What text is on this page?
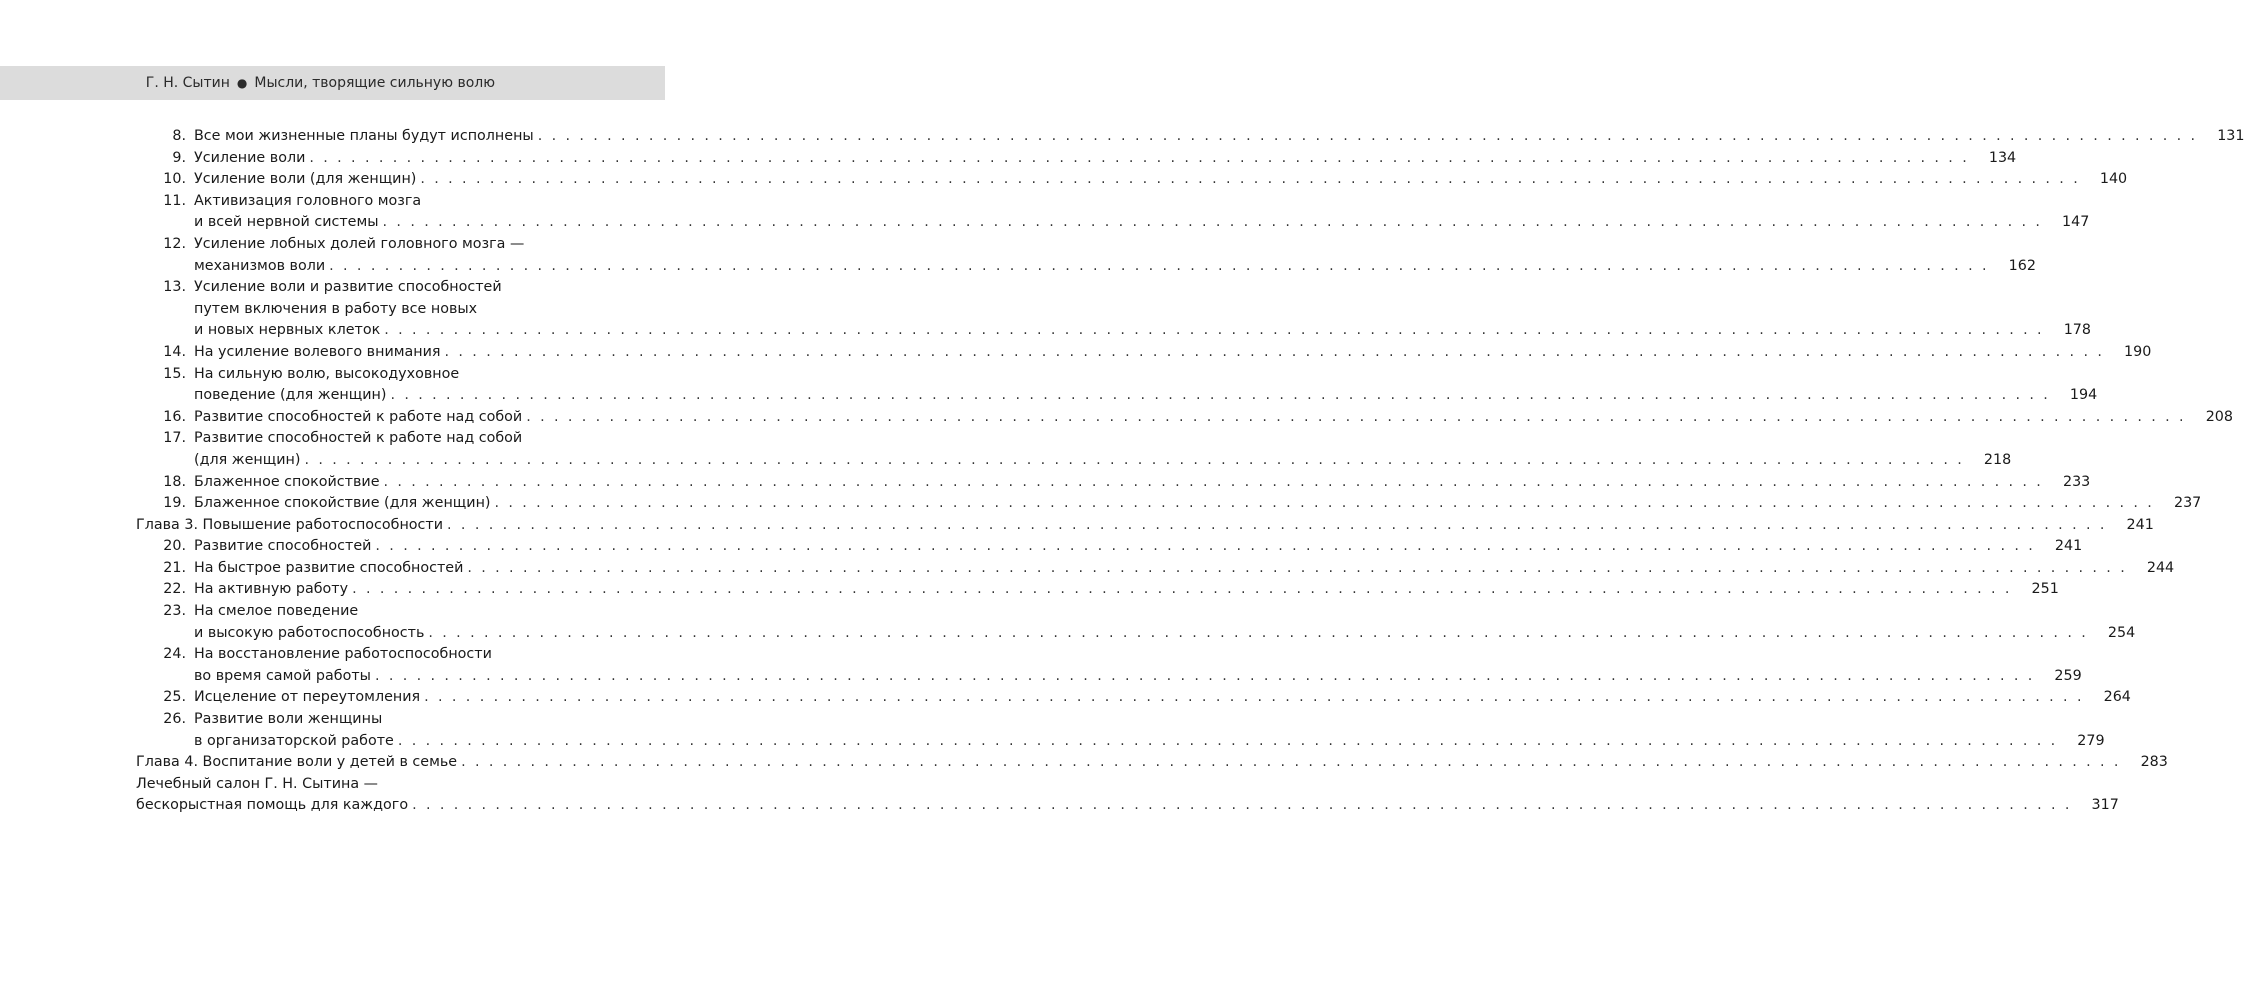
Г. Н. Сытин ● Мысли, творящие сильную волю
8. Все мои жизненные планы будут исполнены . . . . . . . . . . . . . . . . . . . . . . . . . . . . . . . . . . . . . . . . . . . . . . . . . . . . . . . . . . . . . . . . . . . . . . . . . . . . . . . . . . . . . . . . . . . . . . . . . . . . . . . . . . . . . . . . . . . . . . . .	131
9. Усиление воли . . . . . . . . . . . . . . . . . . . . . . . . . . . . . . . . . . . . . . . . . . . . . . . . . . . . . . . . . . . . . . . . . . . . . . . . . . . . . . . . . . . . . . . . . . . . . . . . . . . . . . . . . . . . . . . . . . . . . . . .	134
10. Усиление воли (для женщин) . . . . . . . . . . . . . . . . . . . . . . . . . . . . . . . . . . . . . . . . . . . . . . . . . . . . . . . . . . . . . . . . . . . . . . . . . . . . . . . . . . . . . . . . . . . . . . . . . . . . . . . . . . . . . . . . . . . . . . . .	140
11. Активизация головного мозга
и всей нервной системы . . . . . . . . . . . . . . . . . . . . . . . . . . . . . . . . . . . . . . . . . . . . . . . . . . . . . . . . . . . . . . . . . . . . . . . . . . . . . . . . . . . . . . . . . . . . . . . . . . . . . . . . . . . . . . . . . . . . . . . .	147
12. Усиление лобных долей головного мозга —
механизмов воли . . . . . . . . . . . . . . . . . . . . . . . . . . . . . . . . . . . . . . . . . . . . . . . . . . . . . . . . . . . . . . . . . . . . . . . . . . . . . . . . . . . . . . . . . . . . . . . . . . . . . . . . . . . . . . . . . . . . . . . .	162
13. Усиление воли и развитие способностей
путем включения в работу все новых
и новых нервных клеток . . . . . . . . . . . . . . . . . . . . . . . . . . . . . . . . . . . . . . . . . . . . . . . . . . . . . . . . . . . . . . . . . . . . . . . . . . . . . . . . . . . . . . . . . . . . . . . . . . . . . . . . . . . . . . . . . . . . . . . .	178
14. На усиление волевого внимания . . . . . . . . . . . . . . . . . . . . . . . . . . . . . . . . . . . . . . . . . . . . . . . . . . . . . . . . . . . . . . . . . . . . . . . . . . . . . . . . . . . . . . . . . . . . . . . . . . . . . . . . . . . . . . . . . . . . . . . .	190
15. На сильную волю, высокодуховное
поведение (для женщин) . . . . . . . . . . . . . . . . . . . . . . . . . . . . . . . . . . . . . . . . . . . . . . . . . . . . . . . . . . . . . . . . . . . . . . . . . . . . . . . . . . . . . . . . . . . . . . . . . . . . . . . . . . . . . . . . . . . . . . . .	194
16. Развитие способностей к работе над собой . . . . . . . . . . . . . . . . . . . . . . . . . . . . . . . . . . . . . . . . . . . . . . . . . . . . . . . . . . . . . . . . . . . . . . . . . . . . . . . . . . . . . . . . . . . . . . . . . . . . . . . . . . . . . . . . . . . . . . . .	208
17. Развитие способностей к работе над собой
(для женщин) . . . . . . . . . . . . . . . . . . . . . . . . . . . . . . . . . . . . . . . . . . . . . . . . . . . . . . . . . . . . . . . . . . . . . . . . . . . . . . . . . . . . . . . . . . . . . . . . . . . . . . . . . . . . . . . . . . . . . . . .	218
18. Блаженное спокойствие . . . . . . . . . . . . . . . . . . . . . . . . . . . . . . . . . . . . . . . . . . . . . . . . . . . . . . . . . . . . . . . . . . . . . . . . . . . . . . . . . . . . . . . . . . . . . . . . . . . . . . . . . . . . . . . . . . . . . . . .	233
19. Блаженное спокойствие (для женщин) . . . . . . . . . . . . . . . . . . . . . . . . . . . . . . . . . . . . . . . . . . . . . . . . . . . . . . . . . . . . . . . . . . . . . . . . . . . . . . . . . . . . . . . . . . . . . . . . . . . . . . . . . . . . . . . . . . . . . . . .	237
Глава 3. Повышение работоспособности . . . . . . . . . . . . . . . . . . . . . . . . . . . . . . . . . . . . . . . . . . . . . . . . . . . . . . . . . . . . . . . . . . . . . . . . . . . . . . . . . . . . . . . . . . . . . . . . . . . . . . . . . . . . . . . . . . . . . . . .	241
20. Развитие способностей . . . . . . . . . . . . . . . . . . . . . . . . . . . . . . . . . . . . . . . . . . . . . . . . . . . . . . . . . . . . . . . . . . . . . . . . . . . . . . . . . . . . . . . . . . . . . . . . . . . . . . . . . . . . . . . . . . . . . . . .	241
21. На быстрое развитие способностей . . . . . . . . . . . . . . . . . . . . . . . . . . . . . . . . . . . . . . . . . . . . . . . . . . . . . . . . . . . . . . . . . . . . . . . . . . . . . . . . . . . . . . . . . . . . . . . . . . . . . . . . . . . . . . . . . . . . . . . .	244
22. На активную работу . . . . . . . . . . . . . . . . . . . . . . . . . . . . . . . . . . . . . . . . . . . . . . . . . . . . . . . . . . . . . . . . . . . . . . . . . . . . . . . . . . . . . . . . . . . . . . . . . . . . . . . . . . . . . . . . . . . . . . . .	251
23. На смелое поведение
и высокую работоспособность . . . . . . . . . . . . . . . . . . . . . . . . . . . . . . . . . . . . . . . . . . . . . . . . . . . . . . . . . . . . . . . . . . . . . . . . . . . . . . . . . . . . . . . . . . . . . . . . . . . . . . . . . . . . . . . . . . . . . . . .	254
24. На восстановление работоспособности
во время самой работы . . . . . . . . . . . . . . . . . . . . . . . . . . . . . . . . . . . . . . . . . . . . . . . . . . . . . . . . . . . . . . . . . . . . . . . . . . . . . . . . . . . . . . . . . . . . . . . . . . . . . . . . . . . . . . . . . . . . . . . .	259
25. Исцеление от переутомления . . . . . . . . . . . . . . . . . . . . . . . . . . . . . . . . . . . . . . . . . . . . . . . . . . . . . . . . . . . . . . . . . . . . . . . . . . . . . . . . . . . . . . . . . . . . . . . . . . . . . . . . . . . . . . . . . . . . . . . .	264
26. Развитие воли женщины
в организаторской работе . . . . . . . . . . . . . . . . . . . . . . . . . . . . . . . . . . . . . . . . . . . . . . . . . . . . . . . . . . . . . . . . . . . . . . . . . . . . . . . . . . . . . . . . . . . . . . . . . . . . . . . . . . . . . . . . . . . . . . . .	279
Глава 4. Воспитание воли у детей в семье . . . . . . . . . . . . . . . . . . . . . . . . . . . . . . . . . . . . . . . . . . . . . . . . . . . . . . . . . . . . . . . . . . . . . . . . . . . . . . . . . . . . . . . . . . . . . . . . . . . . . . . . . . . . . . . . . . . . . . . .	283
Лечебный салон Г. Н. Сытина —
бескорыстная помощь для каждого . . . . . . . . . . . . . . . . . . . . . . . . . . . . . . . . . . . . . . . . . . . . . . . . . . . . . . . . . . . . . . . . . . . . . . . . . . . . . . . . . . . . . . . . . . . . . . . . . . . . . . . . . . . . . . . . . . . . . . . .	317
